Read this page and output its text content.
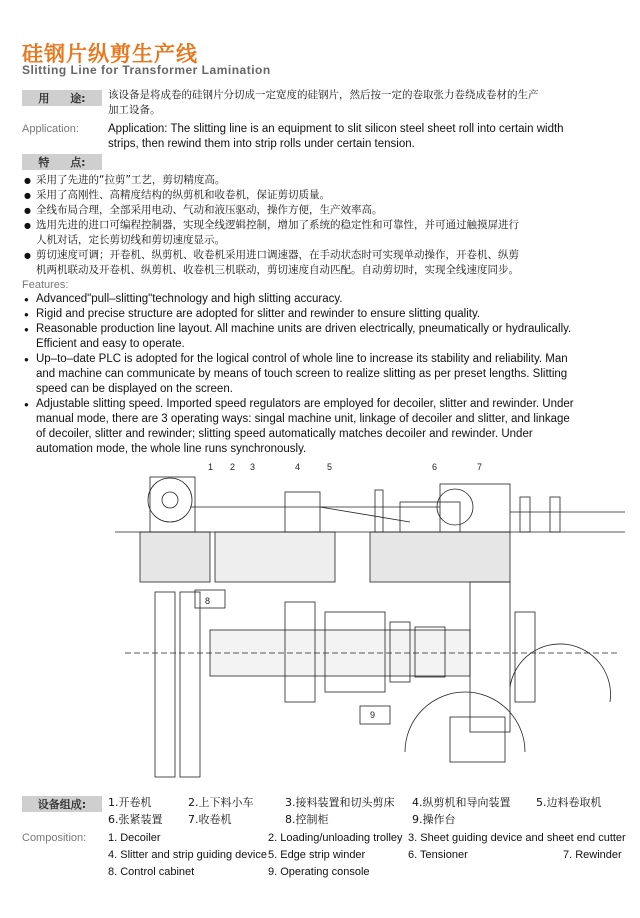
硅钢片纵剪生产线
Slitting Line for Transformer Lamination
用 途: 该设备是将成卷的硅钢片分切成一定宽度的硅钢片，然后按一定的卷取张力卷绕成卷材的生产
加工设备。
Application:	Application: The slitting line is an equipment to slit silicon steel sheet roll into certain width
strips, then rewind them into strip rolls under certain tension.
特 点:
● 采用了先进的“拉剪”工艺，剪切精度高。
● 采用了高刚性、高精度结构的纵剪机和收卷机，保证剪切质量。
● 全线布局合理，全部采用电动、气动和液压驱动，操作方便，生产效率高。
● 选用先进的进口可编程控制器，实现全线逻辑控制，增加了系统的稳定性和可靠性，并可通过触摸屏进行
人机对话，定长剪切线和剪切速度显示。
● 剪切速度可调；开卷机、纵剪机、收卷机采用进口调速器，在手动状态时可实现单动操作，开卷机、纵剪
机两机联动及开卷机、纵剪机、收卷机三机联动，剪切速度自动匹配。自动剪切时，实现全线速度同步。
Features:
● Advanced"pull–slitting"technology and high slitting accuracy.
● Rigid and precise structure are adopted for slitter and rewinder to ensure slitting quality.
● Reasonable production line layout. All machine units are driven electrically, pneumatically or hydraulically.
Efficient and easy to operate.
● Up–to–date PLC is adopted for the logical control of whole line to increase its stability and reliability. Man
and machine can communicate by means of touch screen to realize slitting as per preset lengths. Slitting
speed can be displayed on the screen.
● Adjustable slitting speed. Imported speed regulators are employed for decoiler, slitter and rewinder. Under
manual mode, there are 3 operating ways: singal machine unit, linkage of decoiler and slitter, and linkage
of decoiler, slitter and rewinder; slitting speed automatically matches decoiler and rewinder. Under
automation mode, the whole line runs synchronously.
1 2 3	4	5	6	7
8
9
设备组成:	1.开卷机	2.上下料小车	3.接料装置和切头剪床 4.纵剪机和导向装置 5.边料卷取机
6.张紧装置 7.收卷机	8.控制柜	9.操作台
Composition: 1. Decoiler	2. Loading/unloading trolley 3. Sheet guiding device and sheet end cutter
4. Slitter and strip guiding device 5. Edge strip winder	6. Tensioner	7. Rewinder
8. Control cabinet	9. Operating console
